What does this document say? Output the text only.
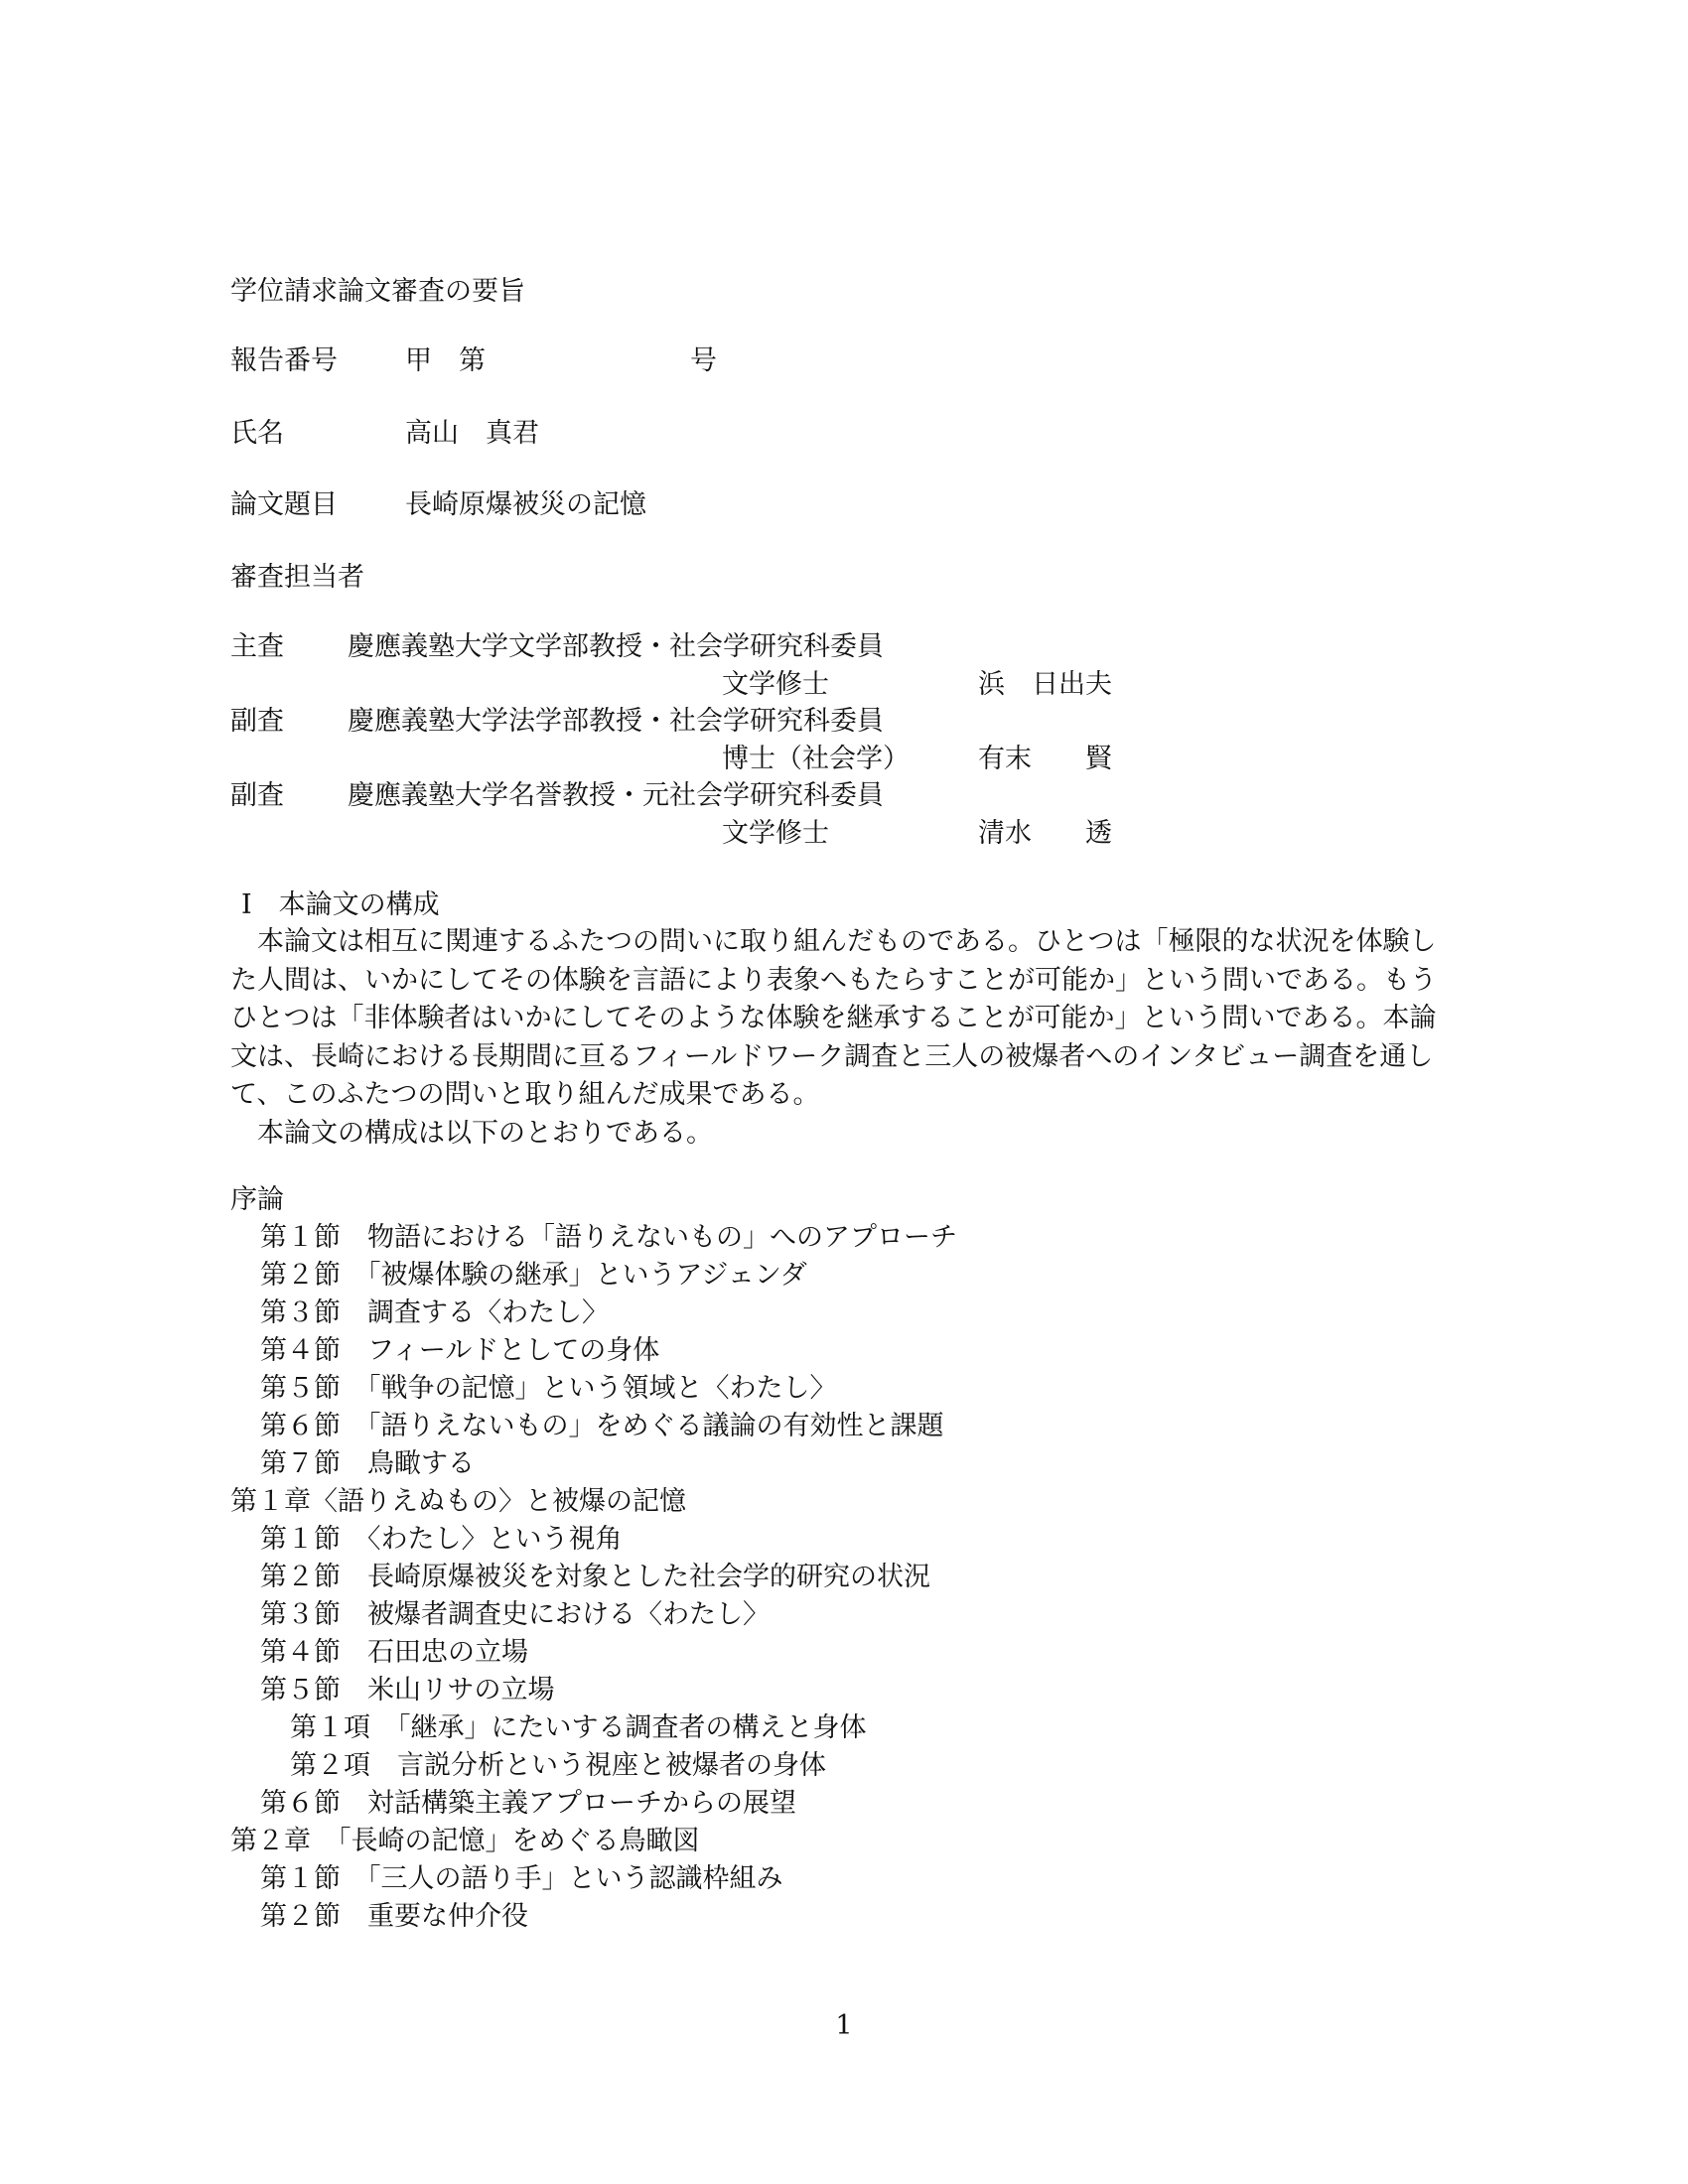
学位請求論文審査の要旨
報告番号	甲　第	号
氏名	高山　真君
論文題目	長崎原爆被災の記憶
審査担当者
主査 慶應義塾大学文学部教授・社会学研究科委員
文学修士	浜　日出夫
副査 慶應義塾大学法学部教授・社会学研究科委員
博士（社会学）	有末　　賢
副査 慶應義塾大学名誉教授・元社会学研究科委員
文学修士	清水　　透
Ⅰ　本論文の構成

本論文は相互に関連するふたつの問いに取り組んだものである。ひとつは「極限的な状況を体験した人間は、いかにしてその体験を言語により表象へもたらすことが可能か」という問いである。もうひとつは「非体験者はいかにしてそのような体験を継承することが可能か」という問いである。本論文は、長崎における長期間に亘るフィールドワーク調査と三人の被爆者へのインタビュー調査を通して、このふたつの問いと取り組んだ成果である。

本論文の構成は以下のとおりである。

序論
第１節　物語における「語りえないもの」へのアプローチ
第２節　「被爆体験の継承」というアジェンダ
第３節　調査する〈わたし〉
第４節　フィールドとしての身体
第５節　「戦争の記憶」という領域と〈わたし〉
第６節　「語りえないもの」をめぐる議論の有効性と課題
第７節　鳥瞰する
第１章〈語りえぬもの〉と被爆の記憶
第１節　〈わたし〉という視角
第２節　長崎原爆被災を対象とした社会学的研究の状況
第３節　被爆者調査史における〈わたし〉
第４節　石田忠の立場
第５節　米山リサの立場
第１項　「継承」にたいする調査者の構えと身体
第２項　言説分析という視座と被爆者の身体
第６節　対話構築主義アプローチからの展望
第２章　「長崎の記憶」をめぐる鳥瞰図
第１節　「三人の語り手」という認識枠組み
第２節　重要な仲介役
1
